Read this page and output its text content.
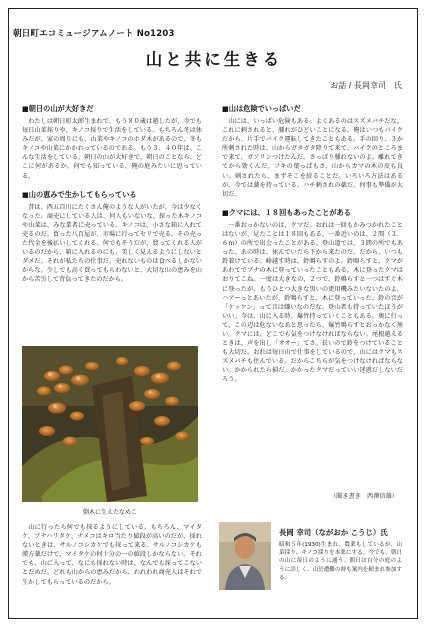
朝日町エコミュージアムノート No1203
山と共に生きる
お話 / 長岡幸司　氏
■朝日の山が大好きだ

わたしは朝日町太郎生まれで、もう８０歳は越したが、今でも毎日山菜採りや、キノコ採りで生活をしている。もちろん冬は休みだが、家の周りにも、山菜やキノコのホダ木があるので、冬もキノコや山菜にかかわっているのである。もう３、４０年は、こんな生活をしている。朝日の山が大好きで、朝日のことなら、どこに何があるか、何でも知っている。俺の庭みたいに思っている。

■山の恵みで生かしてもらっている

昔は、西五百川にたくさん俺のような人がいたが、今は少なくなった。商売にしている人は、何人もいないな。採った木キノコや山菜は、みな業者に売っている。キノコは、小さな箱に入れて売るのだ。買った八百屋が、市場に行ってセリで売る。その売った代金を後払いしてくれる。何でもそうだが、買ってくれる人がいるのだから、箱に入れるのにも、美しく見えるようにしないとダメだ。それが私たちの仕事だ。売れないものは食べるしかないからな。少しでも高く買ってもらわないと、大切な山の恵みを山から苦労して背負ってきたのだから。

倒木に生えたなめこ

山に行ったら何でも採るようにしている。もちろん、マイタケ、ブナハリタケ、ナメコはキロ当たり値段が高いのだが、採れないときは、サルノコシカケでも採って来る。サルノコシカケも漢方薬だけで、マイタケの何十分の一の値段しかならない。それでも、山に入って、なにも採れない時は、なんでも採ってこないとだめだ。どれも山からの恵みだから、われわれ商売人はそれで生かしてもらっているのだから。

■山は危険でいっぱいだ

山には、いっぱい危険もある。よくあるのはスズメバチだな。これに刺されると、腫れがひどいことになる。俺はいつもバイクだから、片手でバイク運転してきたこともある。手の回り、３か所刺された時は、山からガタガタ降りて来て、バイクのところまで来て、ガソリンつけたんだ。さっぱり腫れないのよ。離れてきてから効くんだ。フキの葉っぱもさ、山からカマの木の皮も良い。刺されたら、まずそこを絞ることだ。いろいろ方法はあるが、今では薬を持っている。ハチ刺されの薬だ。何事も準備が大切だ。

■クマには、１８回もあったことがある

一番おっかないのは、クマだ。おれは一回もかみつかれたことはないが、見たことは１８回もある。一番近いのは、２間（３．６ｍ）の所で出会ったことがある。登山道では、３間の所でもあった。あの時は、休んでいたら下から来たのだ。だから、いつも鈴着けている。峰越す時は、鈴鳴らすのよ。鈴鳴らすと、クマがあわてでブナの木に登っていったこともある。木に登ったクマはおりてこね。一度は大きなの、２つで、鈴鳴らすと一つはすぐ木に登ったが、もうひとつ大きな黒いの更用機みたいないたのよ。ハアーっとあいたが、鈴鳴らすと、木に登っていった。鈴の音が「ケッケン」って音は嫌いなのだな。登山者も持っていたほうがいい。今は、山に入る時、爆竹持っていくこともある。奥に行って、この辺は危ないなあと思ったら、爆竹鳴らすとおっかなく無い。クマには、どこでも気をつけなければならない。尾根越えるときは、声を出し「オオー」てさ。長いので鈴をつけていることも大切だ。おれは毎日山で仕事をしているので、山にはクマもスズメバチも住んでいる。だからこちらが気をつけなければならない。かかられたら損だ。かかったクマだっていい迷惑だしないだろう。

（聞き書き　西澤信雄）
長岡 幸司（ながおか こうじ）氏
昭和５年(1930)生まれ。農業もしているが、山菜採り、キノコ採りを本業にする。今でも、朝日の山に毎日のように通う。朝日は自分の庭のように詳しく、山岳遭難の時も案内を頼まれ参加する。
